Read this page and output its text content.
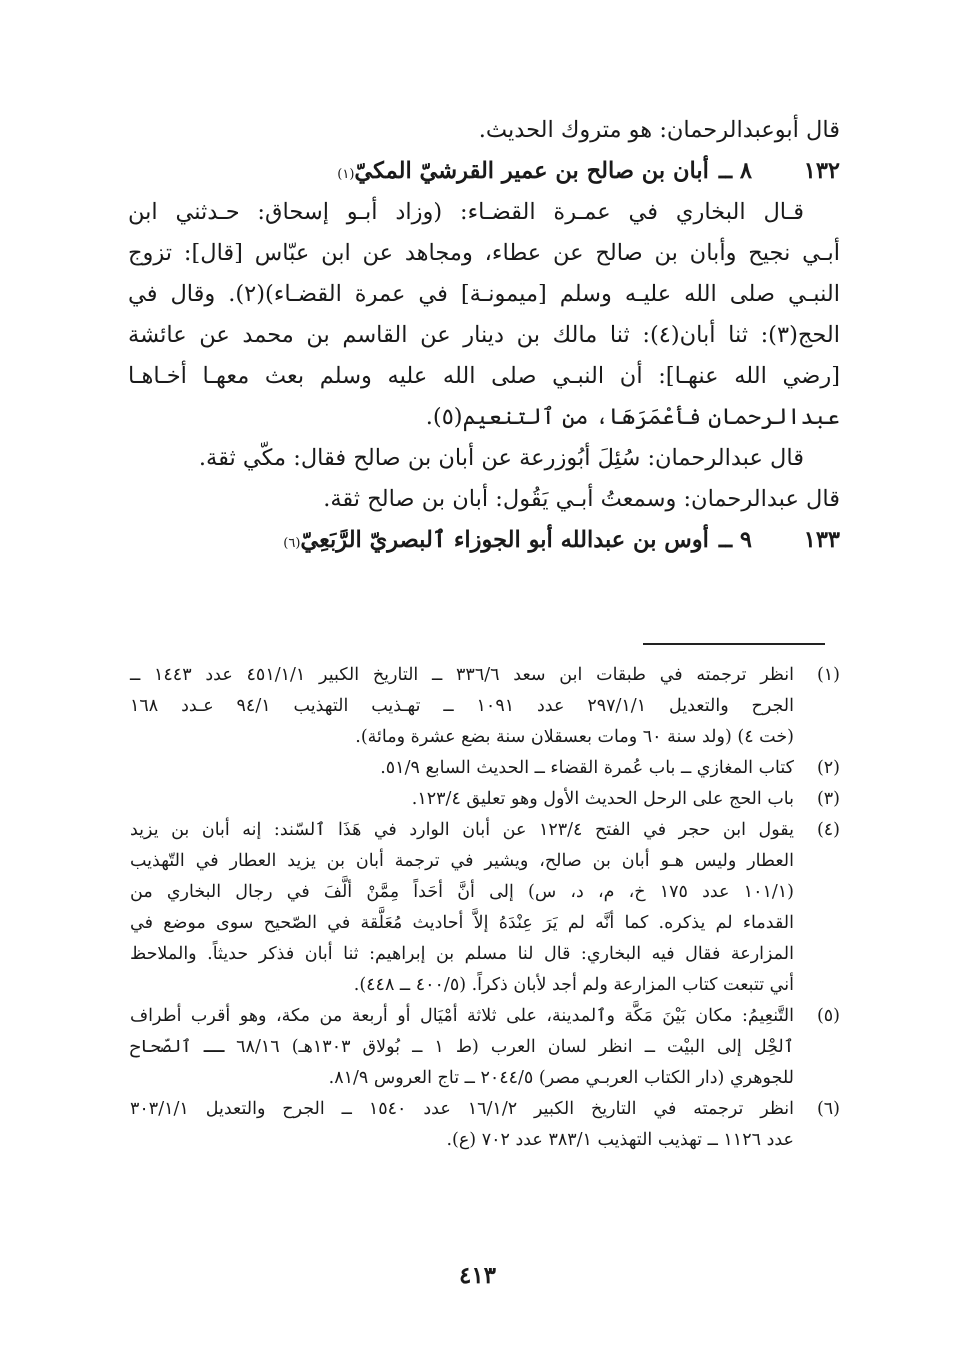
قال أبوعبدالرحمان: هو متروك الحديث.
١٣٢
٨ ــ
أبان بن صالح بن عمير القرشيّ المكيّ
(١)
قـال البخاري في عمـرة القضـاء: (وزاد أبـو إسحاق: حـدثني ابن
أبـي نجيح وأبان بن صالح عن عطاء، ومجاهد عن ابن عبّاس [قال]: تزوج
النبـي صلى الله عليـه وسلم [ميمونـة] في عمرة القضـاء)(٢). وقال في
الحج(٣): ثنا أبان(٤): ثنا مالك بن دينار عن القاسم بن محمد عن عائشة
[رضي الله عنهـا]: أن النبـي صلى الله عليه وسلم بعث معهـا أخـاهـا
عبدالرحمان فأعْمَرَهَا، من ٱلتنعيم(٥).
قال عبدالرحمان: سُئِلَ أبُوزرعة عن أبان بن صالح فقال: مكّي ثقة.
قال عبدالرحمان: وسمعتُ أبـي يَقُول: أبان بن صالح ثقة.
١٣٣
٩ ــ
أوس بن عبدالله أبو الجوزاء ٱلبصريّ الرَّبَعِيّ
(٦)
(١)
انظر ترجمته في طبقات ابن سعد ٣٣٦/٦ ــ التاريخ الكبير ٤٥١/١/١ عدد ١٤٤٣ ــ
الجرح والتعديل ٢٩٧/١/١ عدد ١٠٩١ ــ تهـذيب التهذيب ٩٤/١ عـدد ١٦٨
(خت ٤) (ولد سنة ٦٠ ومات بعسقلان سنة بضع عشرة ومائة).
(٢)
كتاب المغازي ــ باب عُمرة القضاء ــ الحديث السابع ٥١/٩.
(٣)
باب الحج على الرحل الحديث الأول وهو تعليق ١٢٣/٤.
(٤)
يقول ابن حجر في الفتح ١٢٣/٤ عن أبان الوارد في هَذَا ٱلسّند: إنه أبان بن يزيد
العطار وليس هـو أبان بن صالح، ويشير في ترجمة أبان بن يزيد العطار في التّهذيب
(١٠١/١ عدد ١٧٥ خ، م، د، س) إلى أنَّ أحَداً مِمَّنْ ألَّفَ في رجال البخاري من
القدماء لم يذكره. كما أنَّه لم يَرَ عِنْدَهُ إلاَّ أحاديث مُعَلَّقة في الصّحيح سوى موضع في
المزارعة فقال فيه البخاري: قال لنا مسلم بن إبراهيم: ثنا أبان فذكر حديثاً. والملاحظ
أني تتبعت كتاب المزارعة ولم أجد لأبان ذكراً. (٤٠٠/٥ ــ ٤٤٨).
(٥)
التَّنعِيمُ: مكان بَيْنَ مَكَّة وٱلمدينة، على ثلاثة أمْيَال أو أربعة من مكة، وهو أقرب أطراف
ٱلحِْل إلى البيْت ــ انظر لسان العرب (ط ١ ــ بُولاق ١٣٠٣هـ) ٦٨/١٦ ــ ٱلصّحاح
للجوهري (دار الكتاب العربـي مصر) ٢٠٤٤/٥ ــ تاج العروس ٨١/٩.
(٦)
انظر ترجمته في التاريخ الكبير ١٦/١/٢ عدد ١٥٤٠ ــ الجرح والتعديل ٣٠٣/١/١
عدد ١١٢٦ ــ تهذيب التهذيب ٣٨٣/١ عدد ٧٠٢ (ع).
٤١٣
